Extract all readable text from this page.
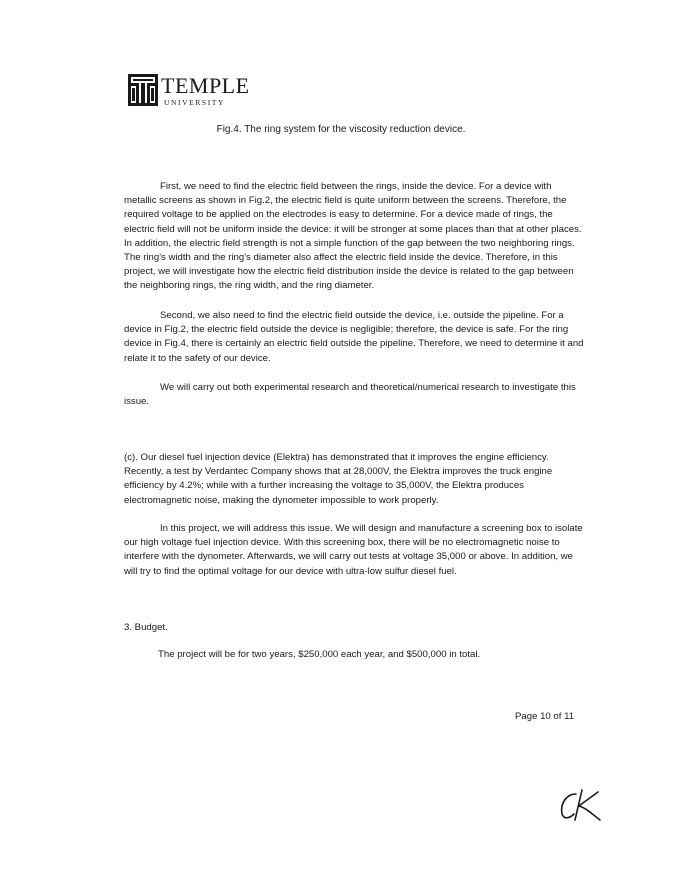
TEMPLE
UNIVERSITY
Fig.4. The ring system for the viscosity reduction device.

First, we need to find the electric field between the rings, inside the device. For a device with metallic screens as shown in Fig.2, the electric field is quite uniform between the screens. Therefore, the required voltage to be applied on the electrodes is easy to determine. For a device made of rings, the electric field will not be uniform inside the device: it will be stronger at some places than that at other places. In addition, the electric field strength is not a simple function of the gap between the two neighboring rings. The ring's width and the ring's diameter also affect the electric field inside the device. Therefore, in this project, we will investigate how the electric field distribution inside the device is related to the gap between the neighboring rings, the ring width, and the ring diameter.

Second, we also need to find the electric field outside the device, i.e. outside the pipeline. For a device in Fig.2, the electric field outside the device is negligible; therefore, the device is safe. For the ring device in Fig.4, there is certainly an electric field outside the pipeline. Therefore, we need to determine it and relate it to the safety of our device.

We will carry out both experimental research and theoretical/numerical research to investigate this issue.

(c). Our diesel fuel injection device (Elektra) has demonstrated that it improves the engine efficiency. Recently, a test by Verdantec Company shows that at 28,000V, the Elektra improves the truck engine efficiency by 4.2%; while with a further increasing the voltage to 35,000V, the Elektra produces electromagnetic noise, making the dynometer impossible to work properly.

In this project, we will address this issue. We will design and manufacture a screening box to isolate our high voltage fuel injection device. With this screening box, there will be no electromagnetic noise to interfere with the dynometer. Afterwards, we will carry out tests at voltage 35,000 or above. In addition, we will try to find the optimal voltage for our device with ultra-low sulfur diesel fuel.

3. Budget.
The project will be for two years, $250,000 each year, and $500,000 in total.
Page 10 of 11
